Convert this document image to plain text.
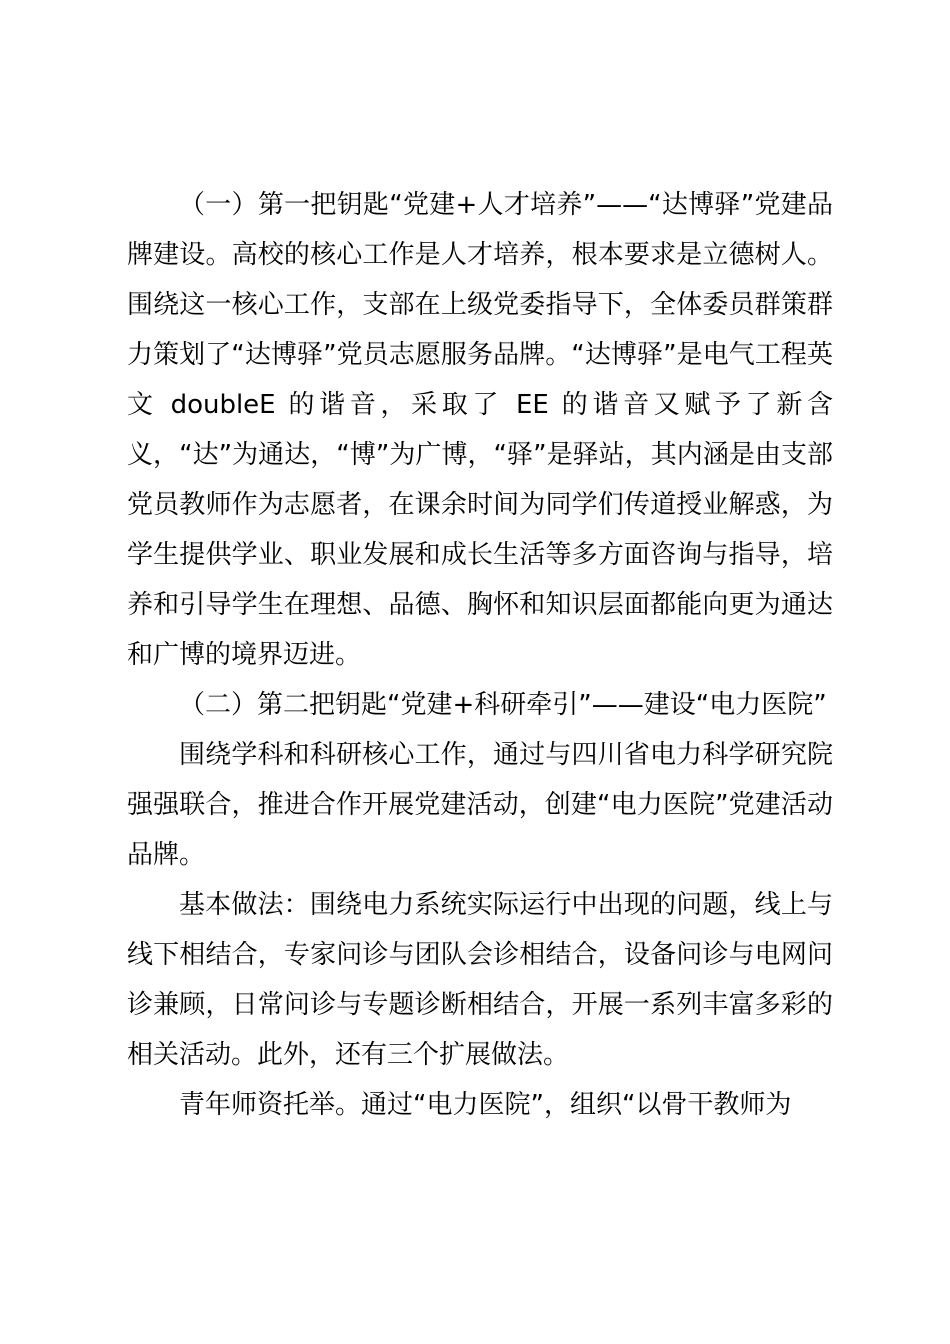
（一）第一把钥匙“党建+人才培养”——“达博驿”党建品牌建设。高校的核心工作是人才培养，根本要求是立德树人。围绕这一核心工作，支部在上级党委指导下，全体委员群策群力策划了“达博驿”党员志愿服务品牌。“达博驿”是电气工程英文 doubleE 的谐音，采取了 EE 的谐音又赋予了新含义，“达”为通达，“博”为广博，“驿”是驿站，其内涵是由支部党员教师作为志愿者，在课余时间为同学们传道授业解惑，为学生提供学业、职业发展和成长生活等多方面咨询与指导，培养和引导学生在理想、品德、胸怀和知识层面都能向更为通达和广博的境界迈进。

（二）第二把钥匙“党建+科研牵引”——建设“电力医院”

围绕学科和科研核心工作，通过与四川省电力科学研究院强强联合，推进合作开展党建活动，创建“电力医院”党建活动品牌。

基本做法：围绕电力系统实际运行中出现的问题，线上与线下相结合，专家问诊与团队会诊相结合，设备问诊与电网问诊兼顾，日常问诊与专题诊断相结合，开展一系列丰富多彩的相关活动。此外，还有三个扩展做法。

青年师资托举。通过“电力医院”，组织“以骨干教师为
